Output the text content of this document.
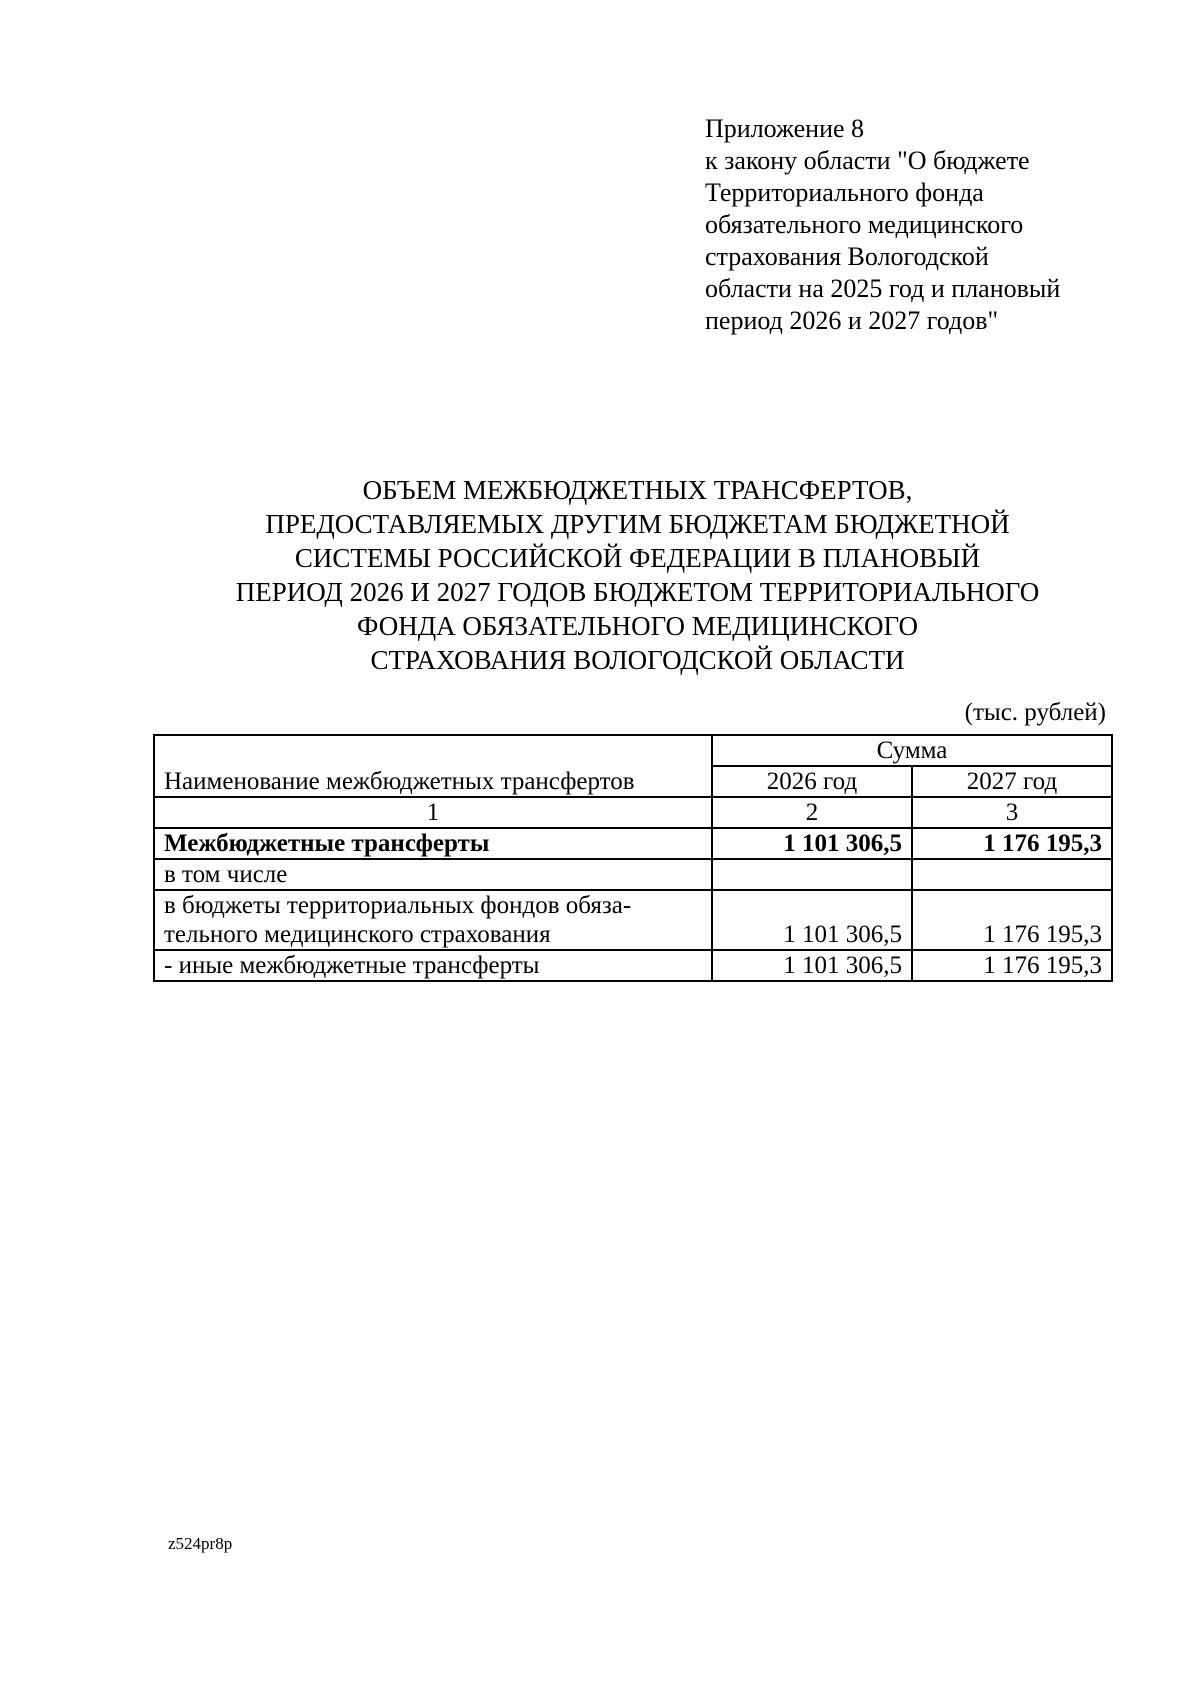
Приложение 8
к закону области "О бюджете
Территориального фонда
обязательного медицинского
страхования Вологодской
области на 2025 год и плановый
период 2026 и 2027 годов"
ОБЪЕМ МЕЖБЮДЖЕТНЫХ ТРАНСФЕРТОВ,
ПРЕДОСТАВЛЯЕМЫХ ДРУГИМ БЮДЖЕТАМ БЮДЖЕТНОЙ
СИСТЕМЫ РОССИЙСКОЙ ФЕДЕРАЦИИ В ПЛАНОВЫЙ
ПЕРИОД 2026 И 2027 ГОДОВ БЮДЖЕТОМ ТЕРРИТОРИАЛЬНОГО
ФОНДА ОБЯЗАТЕЛЬНОГО МЕДИЦИНСКОГО
СТРАХОВАНИЯ ВОЛОГОДСКОЙ ОБЛАСТИ
(тыс. рублей)
Наименование межбюджетных трансфертов	Сумма	
	2026 год	2027 год
1	2	3
Межбюджетные трансферты	1 101 306,5	1 176 195,3
в том числе		

в бюджеты территориальных фондов обяза-
тельного медицинского страхования	1 101 306,5	1 176 195,3
- иные межбюджетные трансферты	1 101 306,5	1 176 195,3
z524pr8p
